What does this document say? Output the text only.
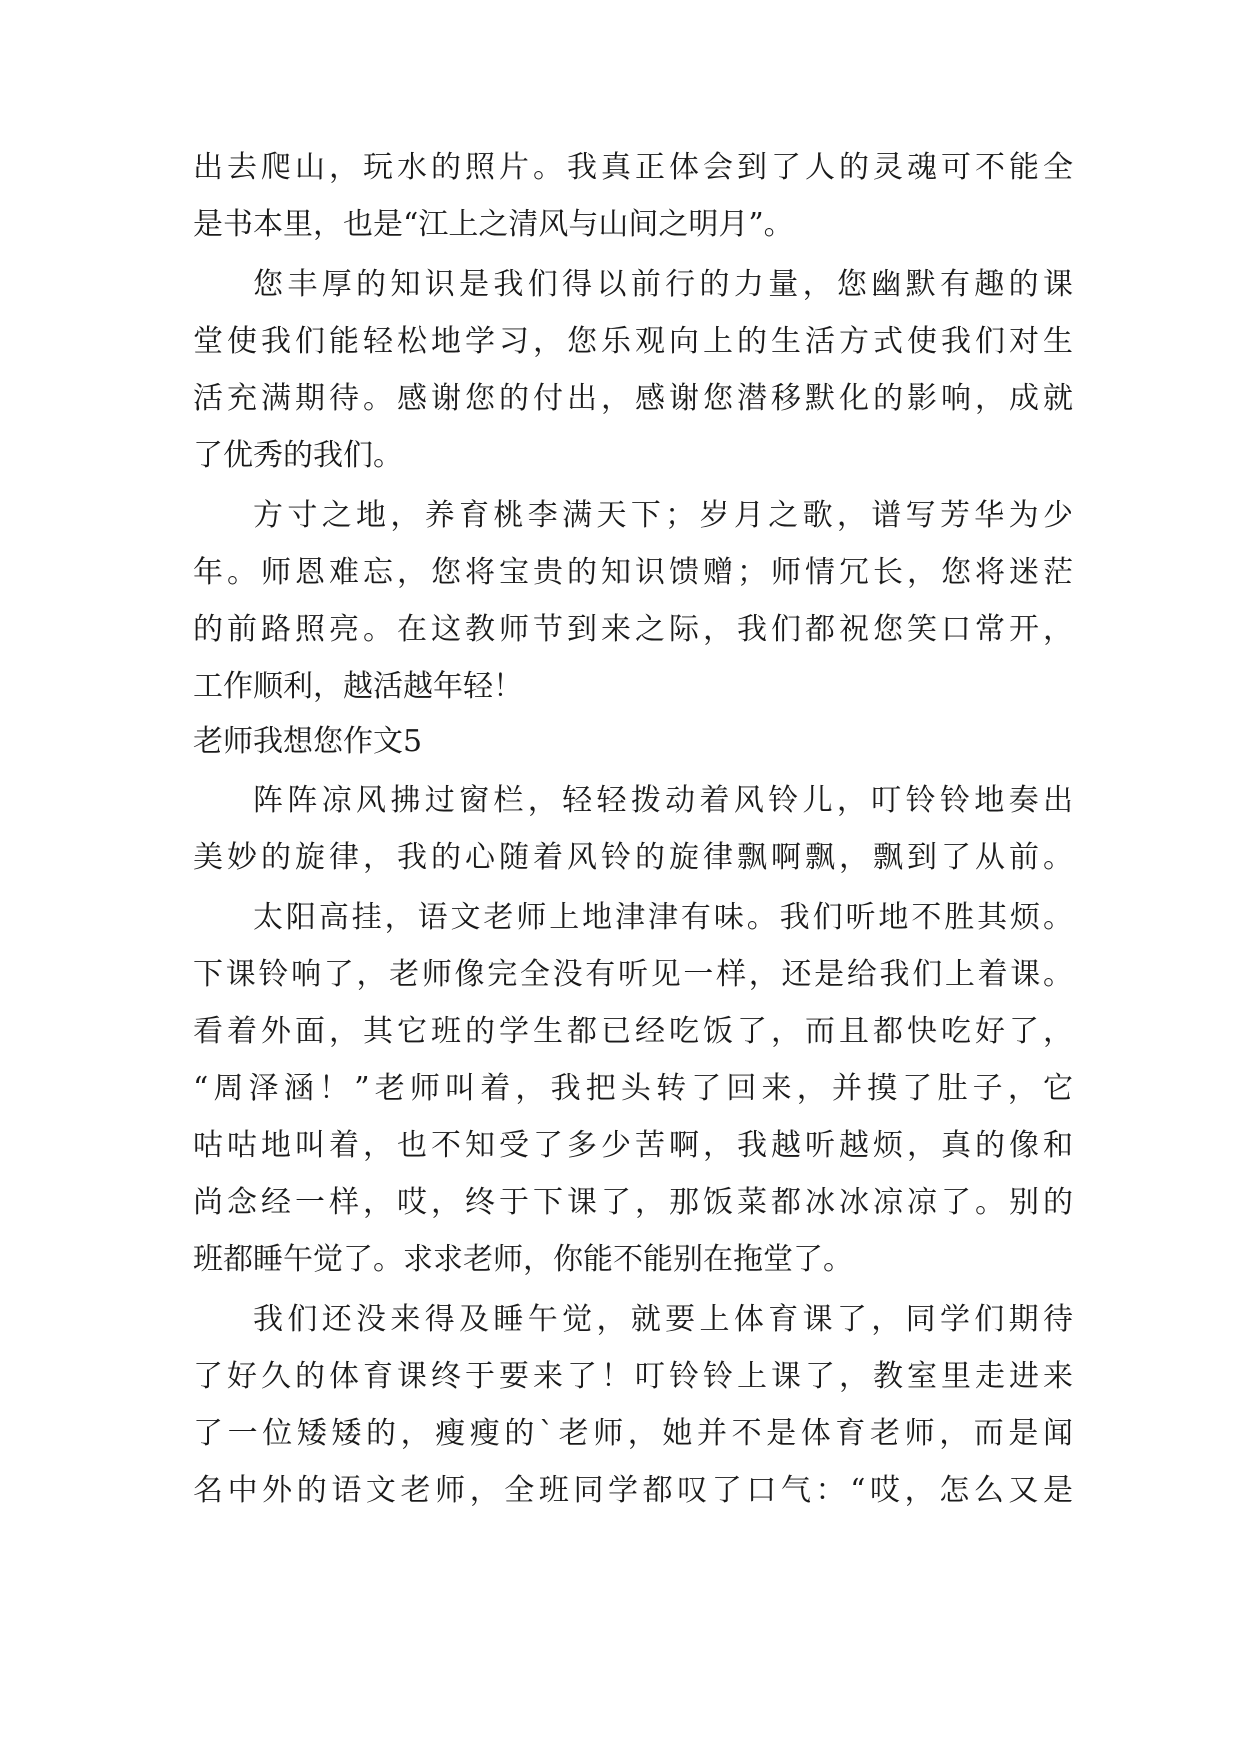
出去爬山，玩水的照片。我真正体会到了人的灵魂可不能全

是书本里，也是“江上之清风与山间之明月”。

您丰厚的知识是我们得以前行的力量，您幽默有趣的课

堂使我们能轻松地学习，您乐观向上的生活方式使我们对生

活充满期待。感谢您的付出，感谢您潜移默化的影响，成就

了优秀的我们。

方寸之地，养育桃李满天下；岁月之歌，谱写芳华为少

年。师恩难忘，您将宝贵的知识馈赠；师情冗长，您将迷茫

的前路照亮。在这教师节到来之际，我们都祝您笑口常开，

工作顺利，越活越年轻！

老师我想您作文5

阵阵凉风拂过窗栏，轻轻拨动着风铃儿，叮铃铃地奏出

美妙的旋律，我的心随着风铃的旋律飘啊飘，飘到了从前。

太阳高挂，语文老师上地津津有味。我们听地不胜其烦。

下课铃响了，老师像完全没有听见一样，还是给我们上着课。

看着外面，其它班的学生都已经吃饭了，而且都快吃好了，

“周泽涵！”老师叫着，我把头转了回来，并摸了肚子，它

咕咕地叫着，也不知受了多少苦啊，我越听越烦，真的像和

尚念经一样，哎，终于下课了，那饭菜都冰冰凉凉了。别的

班都睡午觉了。求求老师，你能不能别在拖堂了。

我们还没来得及睡午觉，就要上体育课了，同学们期待

了好久的体育课终于要来了！叮铃铃上课了，教室里走进来

了一位矮矮的，瘦瘦的`老师，她并不是体育老师，而是闻

名中外的语文老师，全班同学都叹了口气：“哎，怎么又是
